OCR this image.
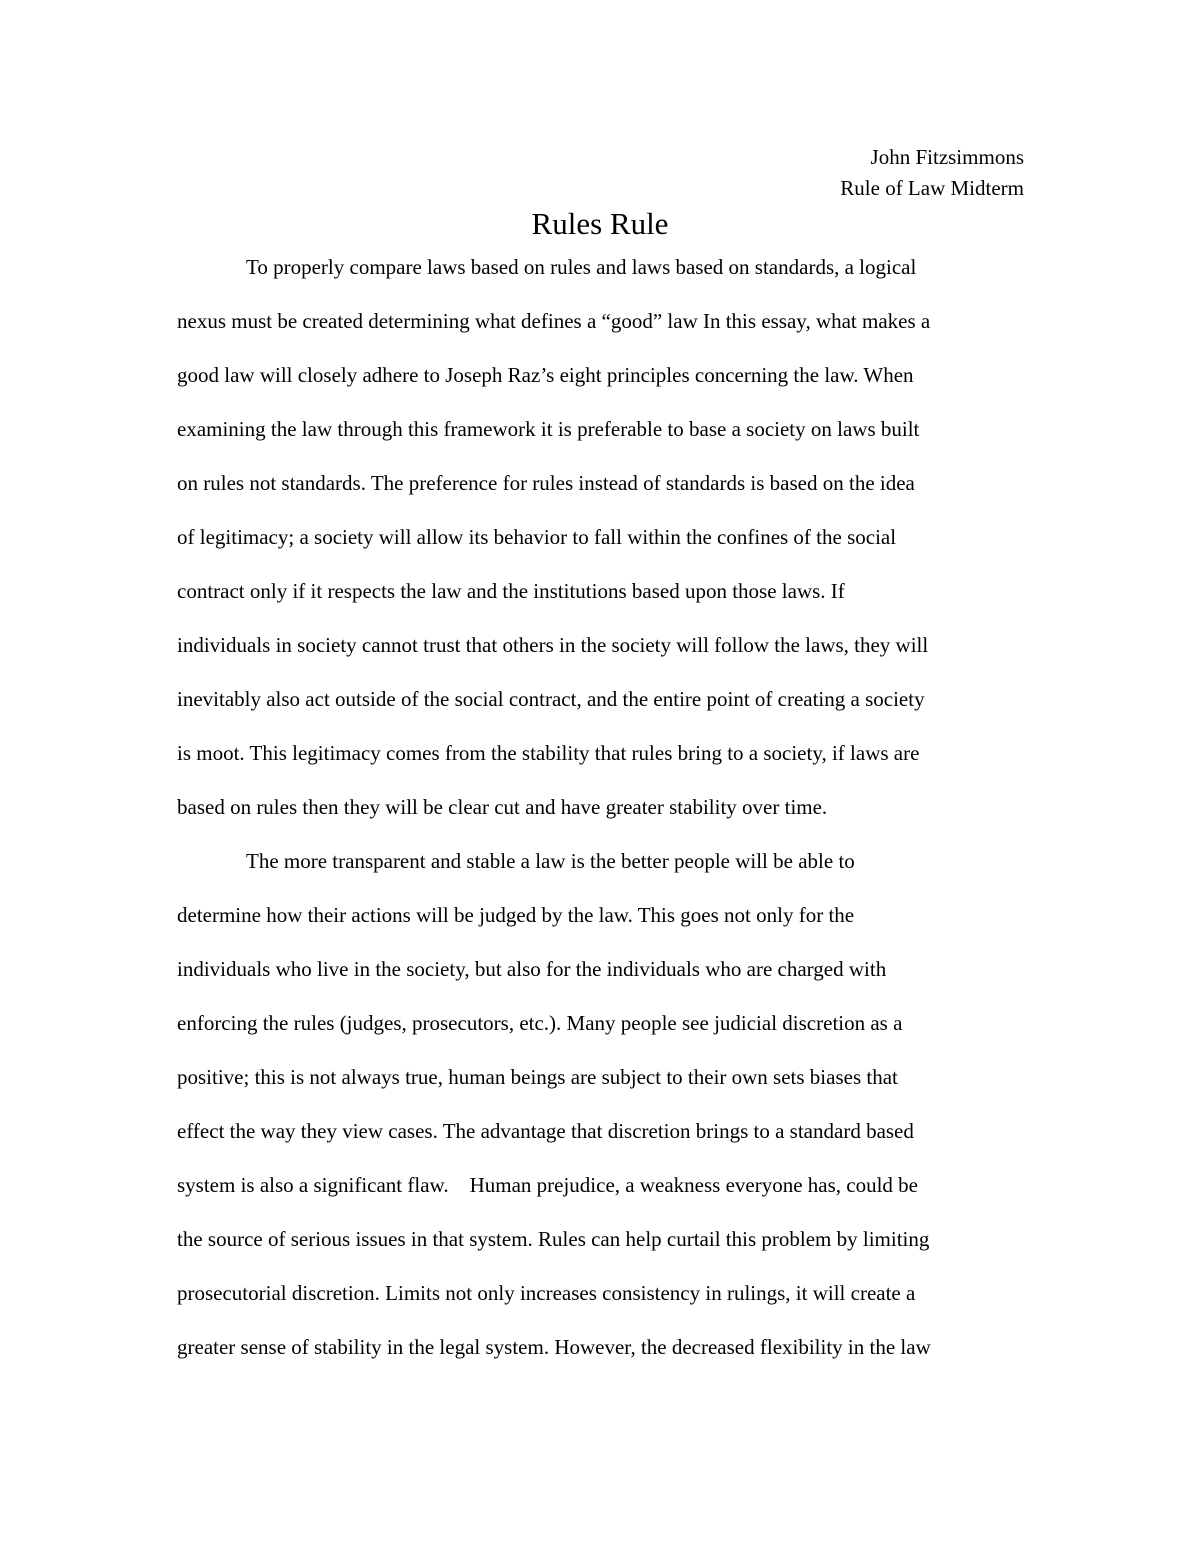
John Fitzsimmons
Rule of Law Midterm
Rules Rule
To properly compare laws based on rules and laws based on standards, a logical
nexus must be created determining what defines a “good” law In this essay, what makes a
good law will closely adhere to Joseph Raz’s eight principles concerning the law. When
examining the law through this framework it is preferable to base a society on laws built
on rules not standards. The preference for rules instead of standards is based on the idea
of legitimacy; a society will allow its behavior to fall within the confines of the social
contract only if it respects the law and the institutions based upon those laws. If
individuals in society cannot trust that others in the society will follow the laws, they will
inevitably also act outside of the social contract, and the entire point of creating a society
is moot. This legitimacy comes from the stability that rules bring to a society, if laws are
based on rules then they will be clear cut and have greater stability over time.
The more transparent and stable a law is the better people will be able to
determine how their actions will be judged by the law. This goes not only for the
individuals who live in the society, but also for the individuals who are charged with
enforcing the rules (judges, prosecutors, etc.). Many people see judicial discretion as a
positive; this is not always true, human beings are subject to their own sets biases that
effect the way they view cases. The advantage that discretion brings to a standard based
system is also a significant flaw.    Human prejudice, a weakness everyone has, could be
the source of serious issues in that system. Rules can help curtail this problem by limiting
prosecutorial discretion. Limits not only increases consistency in rulings, it will create a
greater sense of stability in the legal system. However, the decreased flexibility in the law
